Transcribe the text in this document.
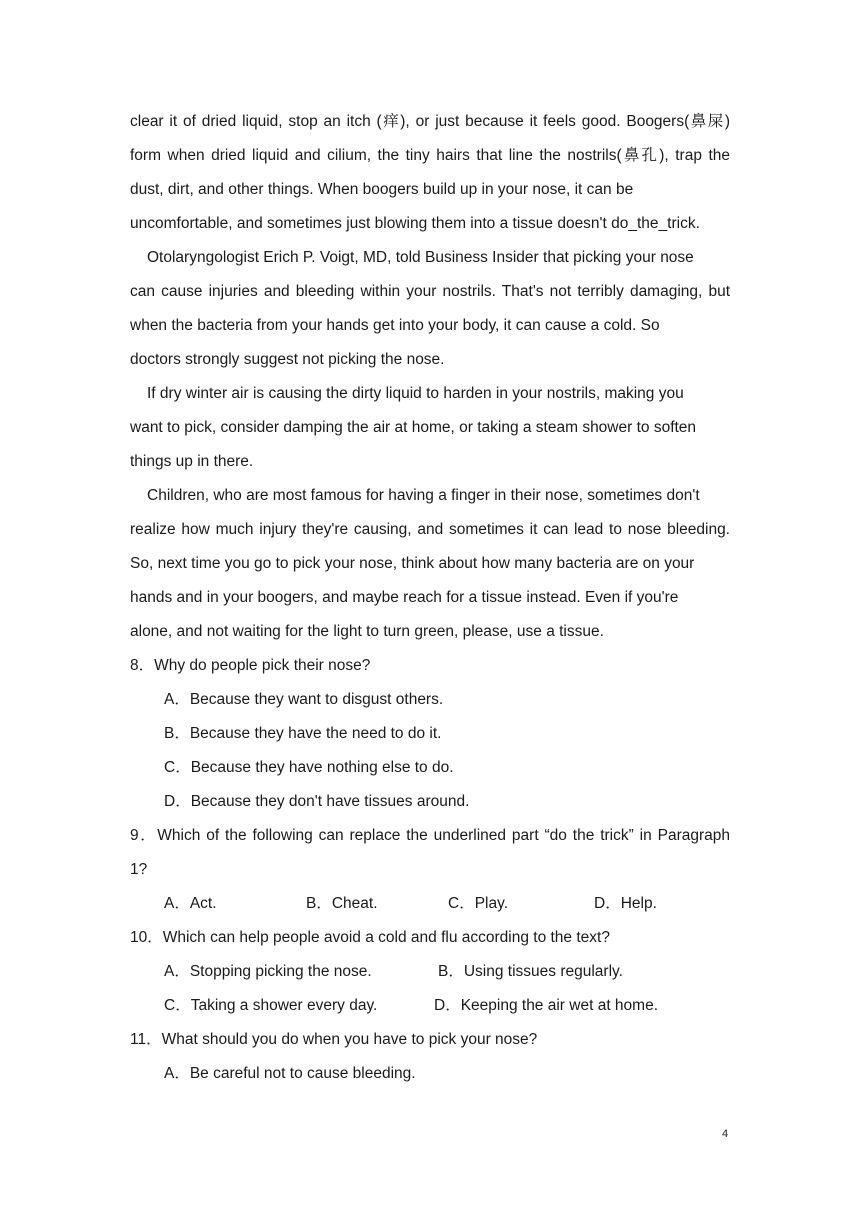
clear it of dried liquid, stop an itch (痒), or just because it feels good. Boogers(鼻屎)
form when dried liquid and cilium, the tiny hairs that line the nostrils(鼻孔), trap the
dust, dirt, and other things. When boogers build up in your nose, it can be
uncomfortable, and sometimes just blowing them into a tissue doesn't do_the_trick.
Otolaryngologist Erich P. Voigt, MD, told Business Insider that picking your nose
can cause injuries and bleeding within your nostrils. That's not terribly damaging, but
when the bacteria from your hands get into your body, it can cause a cold. So
doctors strongly suggest not picking the nose.
If dry winter air is causing the dirty liquid to harden in your nostrils, making you
want to pick, consider damping the air at home, or taking a steam shower to soften
things up in there.
Children, who are most famous for having a finger in their nose, sometimes don't
realize how much injury they're causing, and sometimes it can lead to nose bleeding.
So, next time you go to pick your nose, think about how many bacteria are on your
hands and in your boogers, and maybe reach for a tissue instead. Even if you're
alone, and not waiting for the light to turn green, please, use a tissue.
8．Why do people pick their nose?
A．Because they want to disgust others.
B．Because they have the need to do it.
C．Because they have nothing else to do.
D．Because they don't have tissues around.
9．Which of the following can replace the underlined part “do the trick” in Paragraph
1?
A．Act.	B．Cheat.	C．Play.	D．Help.
10．Which can help people avoid a cold and flu according to the text?
A．Stopping picking the nose.	B．Using tissues regularly.
C．Taking a shower every day.	D．Keeping the air wet at home.
11．What should you do when you have to pick your nose?
A．Be careful not to cause bleeding.
4
